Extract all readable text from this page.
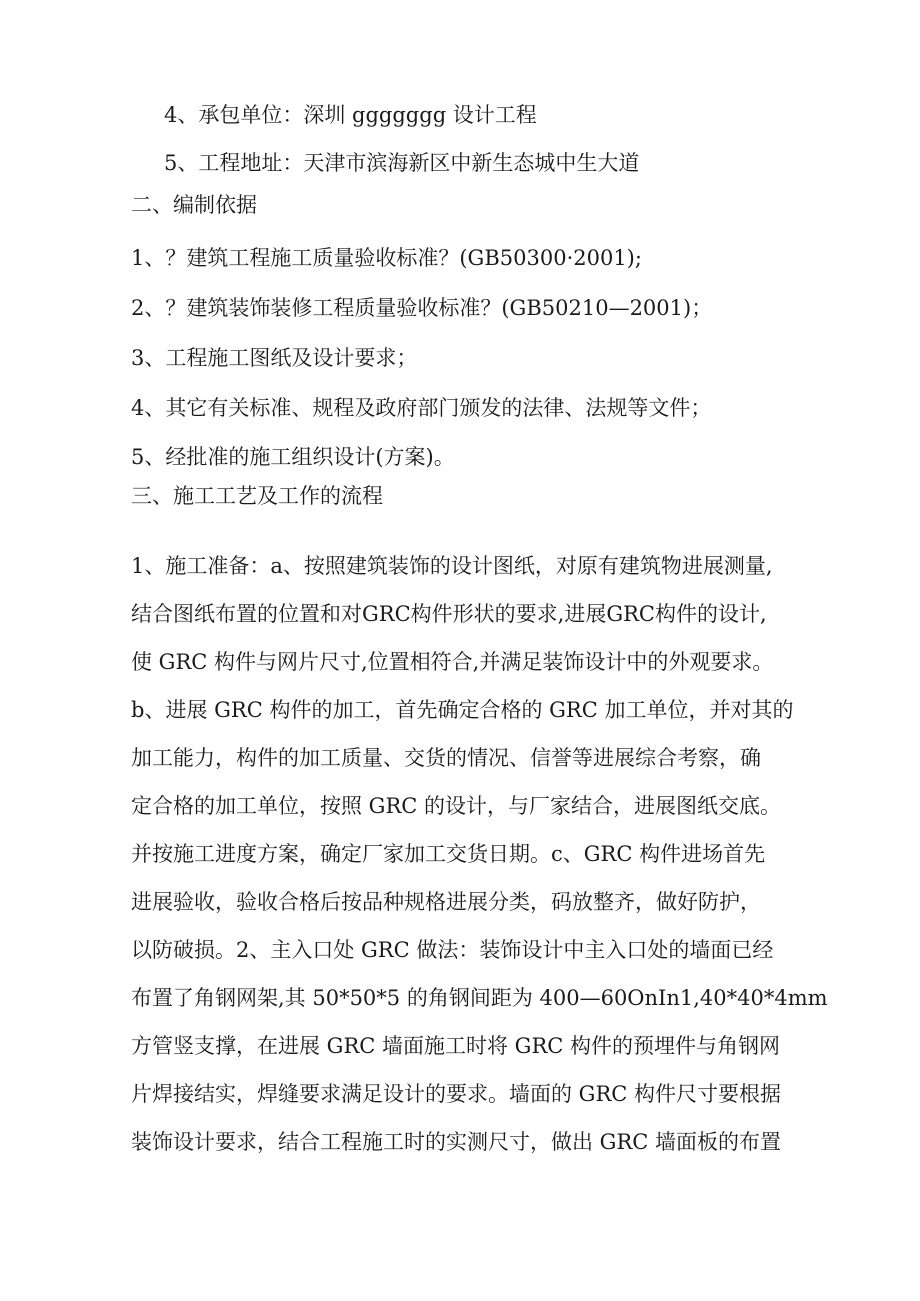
4、承包单位：深圳 ggggggg 设计工程
5、工程地址：天津市滨海新区中新生态城中生大道
二、编制依据
1、？建筑工程施工质量验收标准？(GB50300·2001);
2、？建筑装饰装修工程质量验收标准？(GB50210—2001)；
3、工程施工图纸及设计要求；
4、其它有关标准、规程及政府部门颁发的法律、法规等文件；
5、经批准的施工组织设计(方案)。
三、施工工艺及工作的流程
1、施工准备：a、按照建筑装饰的设计图纸，对原有建筑物进展测量,
结合图纸布置的位置和对GRC构件形状的要求,进展GRC构件的设计,
使 GRC 构件与网片尺寸,位置相符合,并满足装饰设计中的外观要求。
b、进展 GRC 构件的加工，首先确定合格的 GRC 加工单位，并对其的
加工能力，构件的加工质量、交货的情况、信誉等进展综合考察，确
定合格的加工单位，按照 GRC 的设计，与厂家结合，进展图纸交底。
并按施工进度方案，确定厂家加工交货日期。c、GRC 构件进场首先
进展验收，验收合格后按品种规格进展分类，码放整齐，做好防护，
以防破损。2、主入口处 GRC 做法：装饰设计中主入口处的墙面已经
布置了角钢网架,其 50*50*5 的角钢间距为 400—60OnIn1,40*40*4mm
方管竖支撑，在进展 GRC 墙面施工时将 GRC 构件的预埋件与角钢网
片焊接结实，焊缝要求满足设计的要求。墙面的 GRC 构件尺寸要根据
装饰设计要求，结合工程施工时的实测尺寸，做出 GRC 墙面板的布置
